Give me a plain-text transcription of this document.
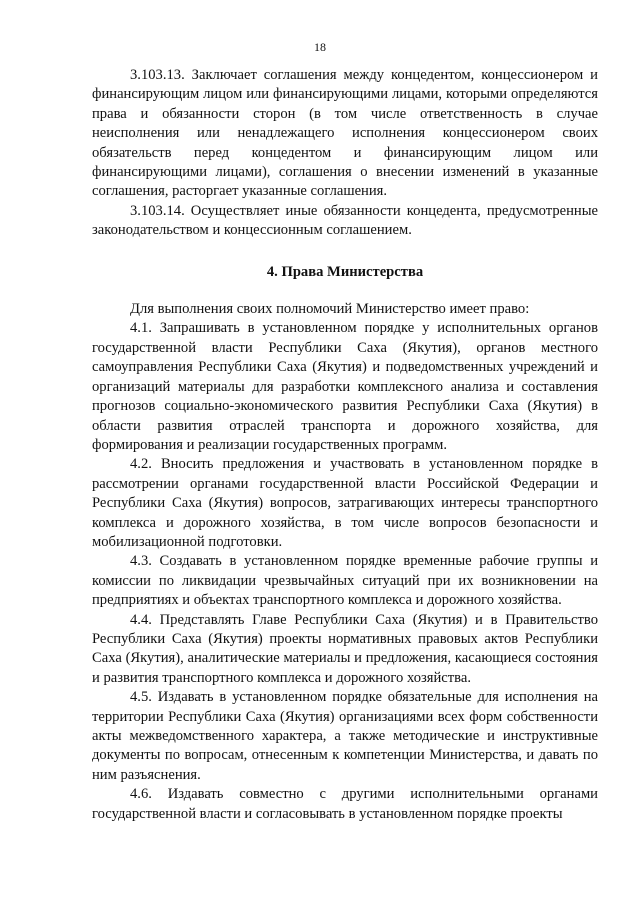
18

3.103.13. Заключает соглашения между концедентом, концессионером и финансирующим лицом или финансирующими лицами, которыми определяются права и обязанности сторон (в том числе ответственность в случае неисполнения или ненадлежащего исполнения концессионером своих обязательств перед концедентом и финансирующим лицом или финансирующими лицами), соглашения о внесении изменений в указанные соглашения, расторгает указанные соглашения.

3.103.14. Осуществляет иные обязанности концедента, предусмотренные законодательством и концессионным соглашением.

4. Права Министерства

Для выполнения своих полномочий Министерство имеет право:

4.1. Запрашивать в установленном порядке у исполнительных органов государственной власти Республики Саха (Якутия), органов местного самоуправления Республики Саха (Якутия) и подведомственных учреждений и организаций материалы для разработки комплексного анализа и составления прогнозов социально-экономического развития Республики Саха (Якутия) в области развития отраслей транспорта и дорожного хозяйства, для формирования и реализации государственных программ.

4.2. Вносить предложения и участвовать в установленном порядке в рассмотрении органами государственной власти Российской Федерации и Республики Саха (Якутия) вопросов, затрагивающих интересы транспортного комплекса и дорожного хозяйства, в том числе вопросов безопасности и мобилизационной подготовки.

4.3. Создавать в установленном порядке временные рабочие группы и комиссии по ликвидации чрезвычайных ситуаций при их возникновении на предприятиях и объектах транспортного комплекса и дорожного хозяйства.

4.4. Представлять Главе Республики Саха (Якутия) и в Правительство Республики Саха (Якутия) проекты нормативных правовых актов Республики Саха (Якутия), аналитические материалы и предложения, касающиеся состояния и развития транспортного комплекса и дорожного хозяйства.

4.5. Издавать в установленном порядке обязательные для исполнения на территории Республики Саха (Якутия) организациями всех форм собственности акты межведомственного характера, а также методические и инструктивные документы по вопросам, отнесенным к компетенции Министерства, и давать по ним разъяснения.

4.6. Издавать совместно с другими исполнительными органами государственной власти и согласовывать в установленном порядке проекты
